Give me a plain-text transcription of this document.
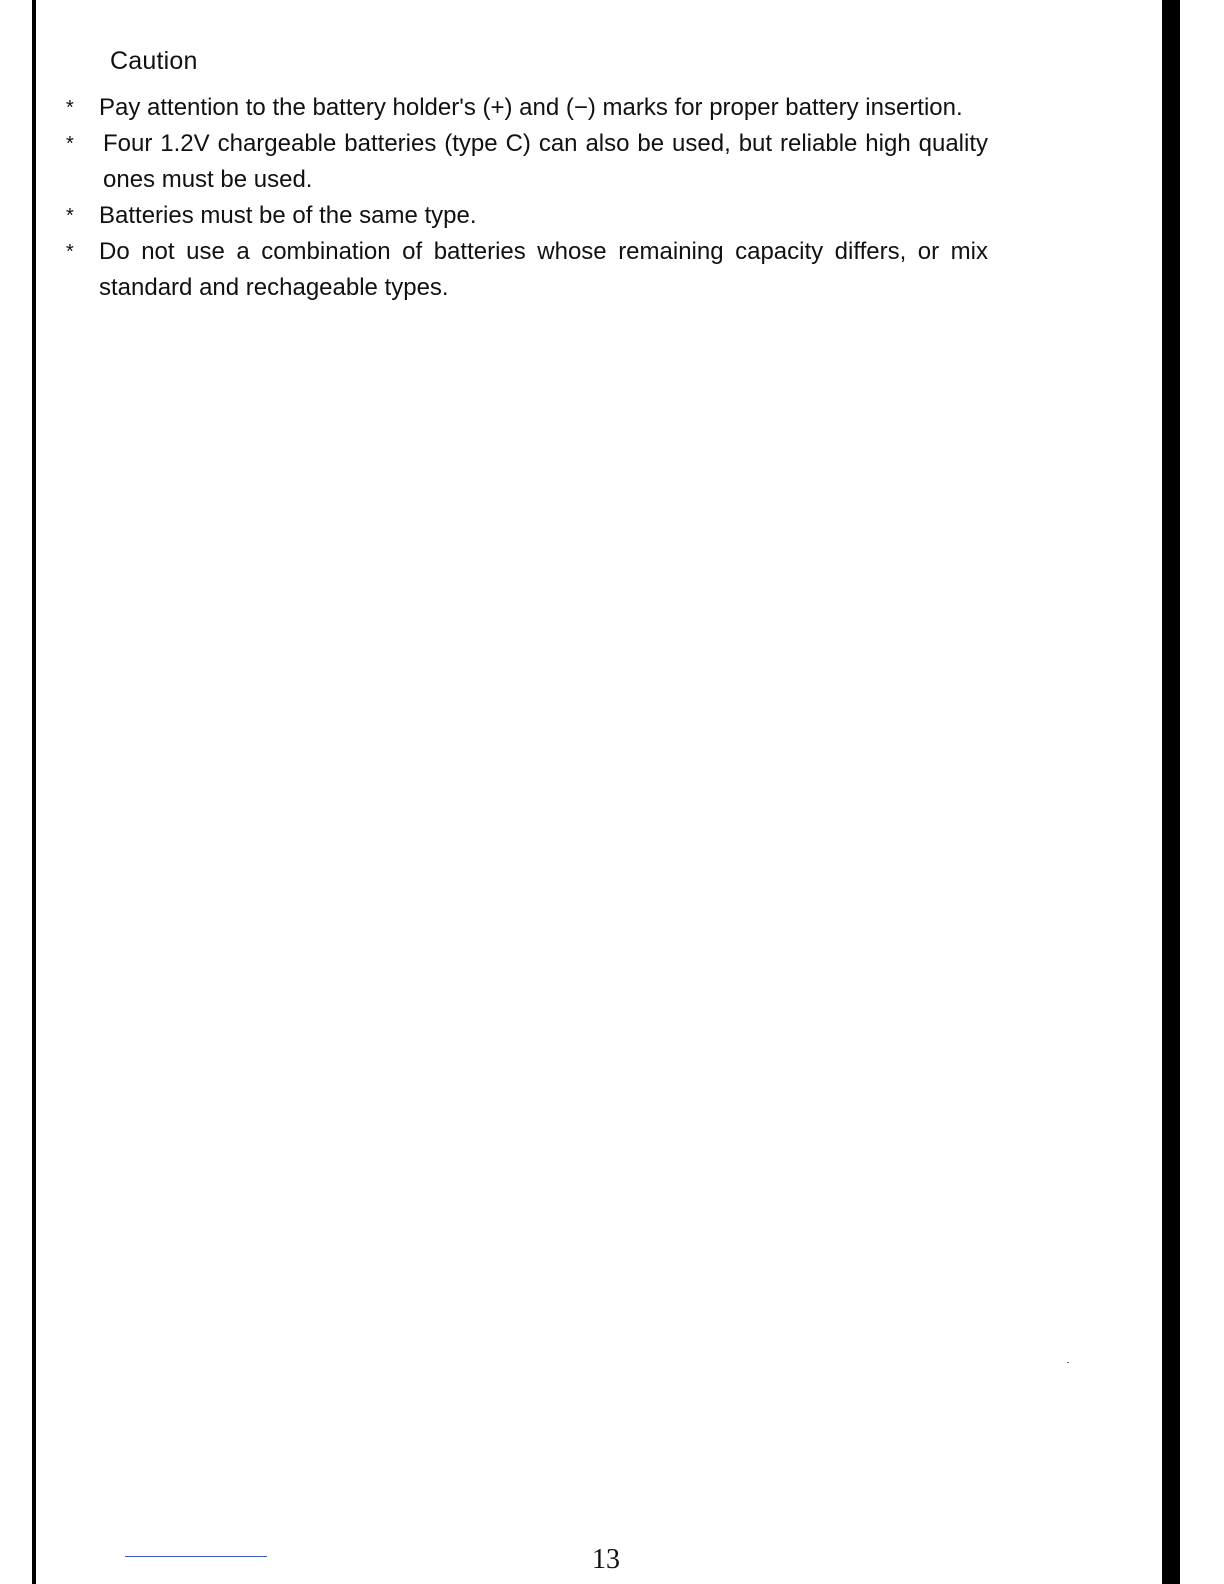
Caution
* Pay attention to the battery holder's (+) and (−) marks for proper battery insertion.
* Four 1.2V chargeable batteries (type C) can also be used, but reliable high quality ones must be used.
* Batteries must be of the same type.
* Do not use a combination of batteries whose remaining capacity differs, or mix standard and rechageable types.
13
